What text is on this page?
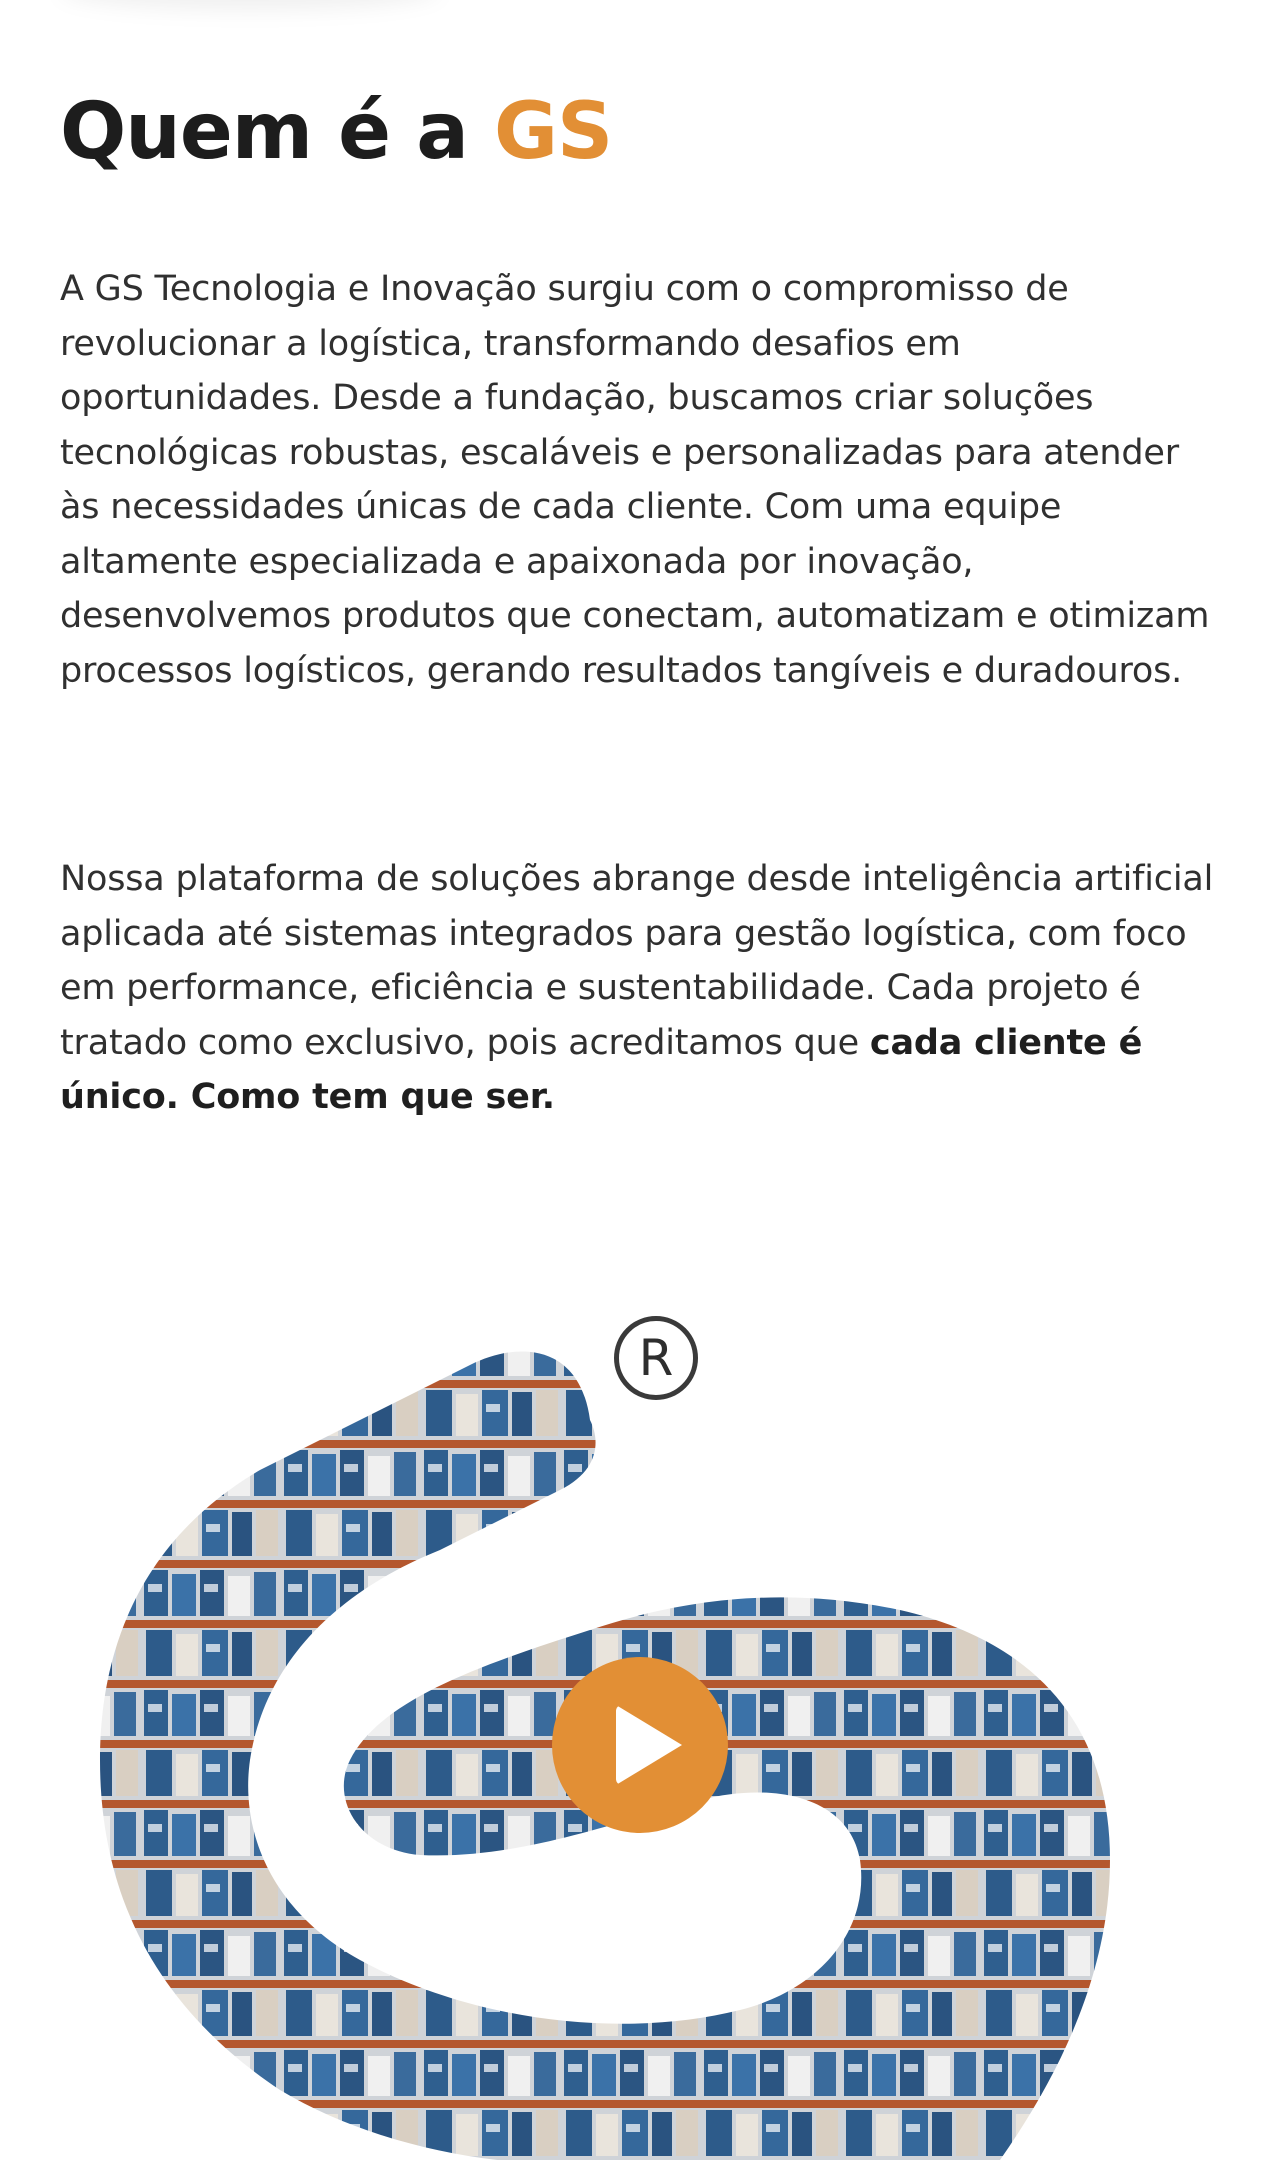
Quem é a GS

A GS Tecnologia e Inovação surgiu com o compromisso de revolucionar a logística, transformando desafios em oportunidades. Desde a fundação, buscamos criar soluções tecnológicas robustas, escaláveis e personalizadas para atender às necessidades únicas de cada cliente. Com uma equipe altamente especializada e apaixonada por inovação, desenvolvemos produtos que conectam, automatizam e otimizam processos logísticos, gerando resultados tangíveis e duradouros.

Nossa plataforma de soluções abrange desde inteligência artificial aplicada até sistemas integrados para gestão logística, com foco em performance, eficiência e sustentabilidade. Cada projeto é tratado como exclusivo, pois acreditamos que cada cliente é único. Como tem que ser.

R
